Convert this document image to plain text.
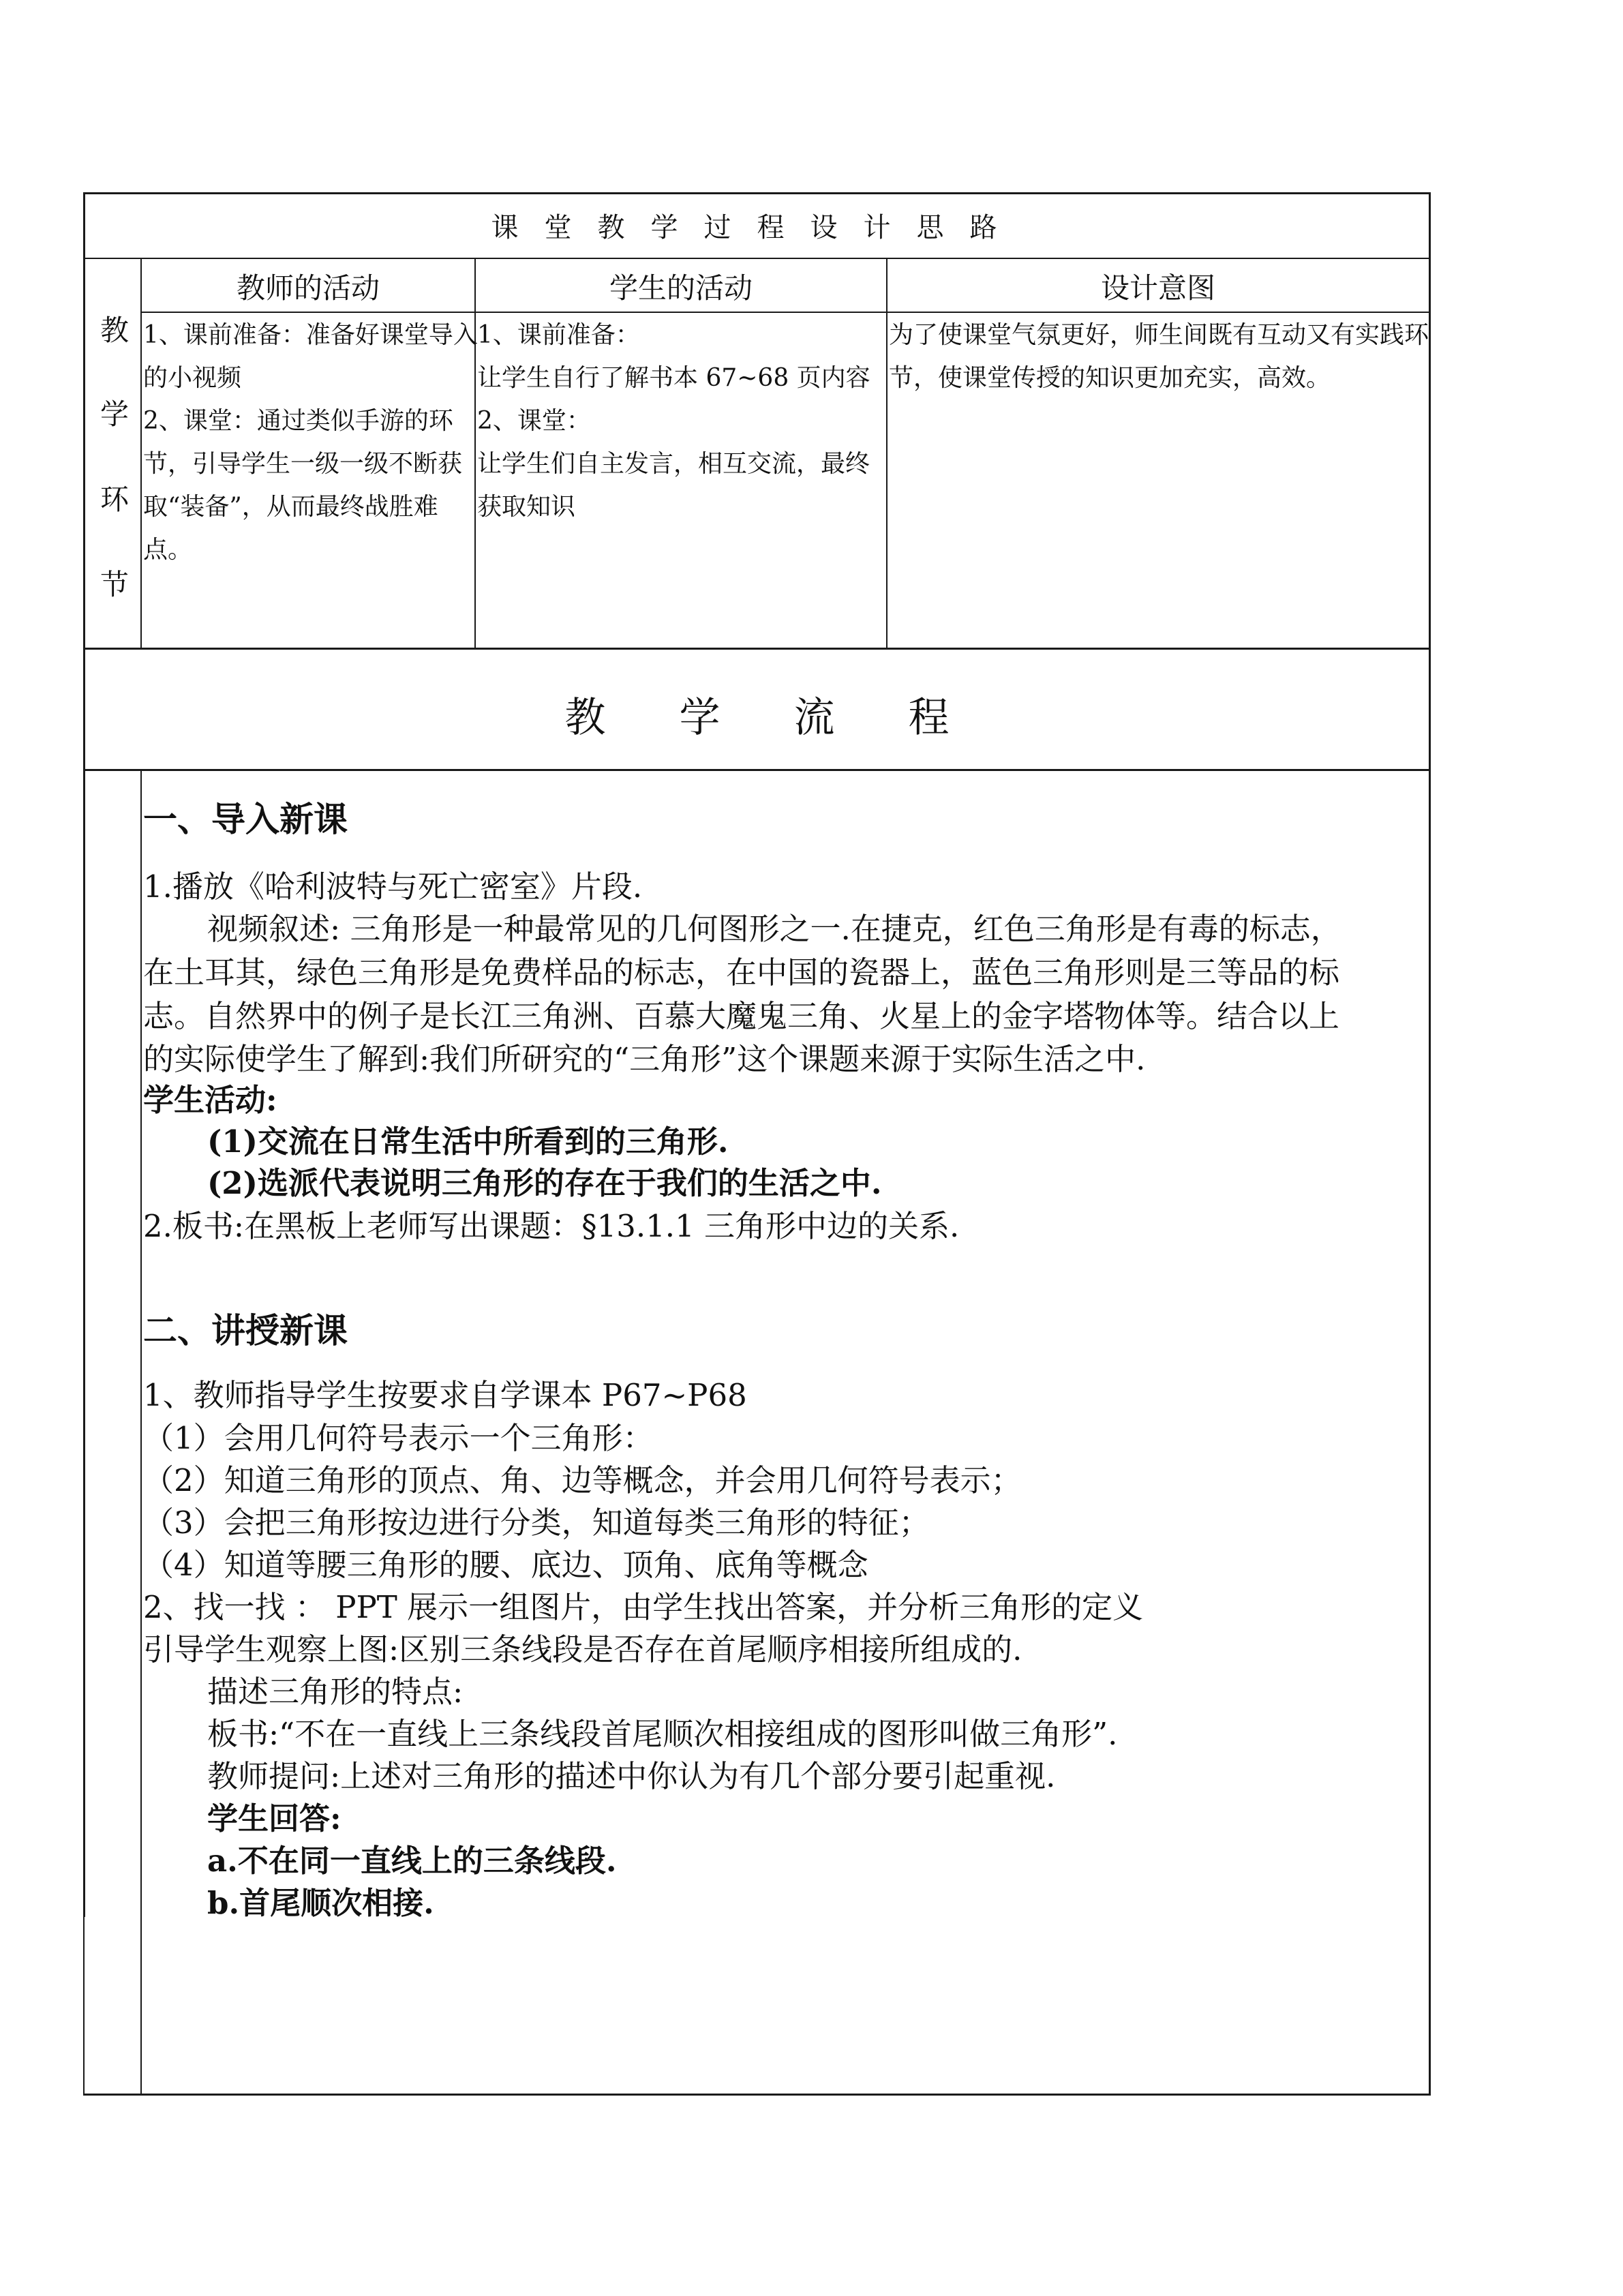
课堂教学过程设计思路
教师的活动	学生的活动	设计意图
教
学
环
节
1、课前准备：准备好课堂导入
的小视频
2、课堂：通过类似手游的环
节，引导学生一级一级不断获
取“装备”，从而最终战胜难
点。
1、课前准备：
让学生自行了解书本 67~68 页内容
2、课堂：
让学生们自主发言，相互交流，最终
获取知识
为了使课堂气氛更好，师生间既有互动又有实践环
节，使课堂传授的知识更加充实，高效。
教学流程
一、导入新课
1.播放《哈利波特与死亡密室》片段.
视频叙述: 三角形是一种最常见的几何图形之一.在捷克，红色三角形是有毒的标志，
在土耳其，绿色三角形是免费样品的标志，在中国的瓷器上，蓝色三角形则是三等品的标
志。自然界中的例子是长江三角洲、百慕大魔鬼三角、火星上的金字塔物体等。结合以上
的实际使学生了解到:我们所研究的“三角形”这个课题来源于实际生活之中.
学生活动:
(1)交流在日常生活中所看到的三角形.
(2)选派代表说明三角形的存在于我们的生活之中.
2.板书:在黑板上老师写出课题：§13.1.1 三角形中边的关系.
二、讲授新课
1、教师指导学生按要求自学课本 P67~P68
（1）会用几何符号表示一个三角形：
（2）知道三角形的顶点、角、边等概念，并会用几何符号表示；
（3）会把三角形按边进行分类，知道每类三角形的特征；
（4）知道等腰三角形的腰、底边、顶角、底角等概念
2、找一找 ： PPT 展示一组图片，由学生找出答案，并分析三角形的定义
引导学生观察上图:区别三条线段是否存在首尾顺序相接所组成的.
描述三角形的特点:
板书:“不在一直线上三条线段首尾顺次相接组成的图形叫做三角形”.
教师提问:上述对三角形的描述中你认为有几个部分要引起重视.
学生回答:
a.不在同一直线上的三条线段.
b.首尾顺次相接.
